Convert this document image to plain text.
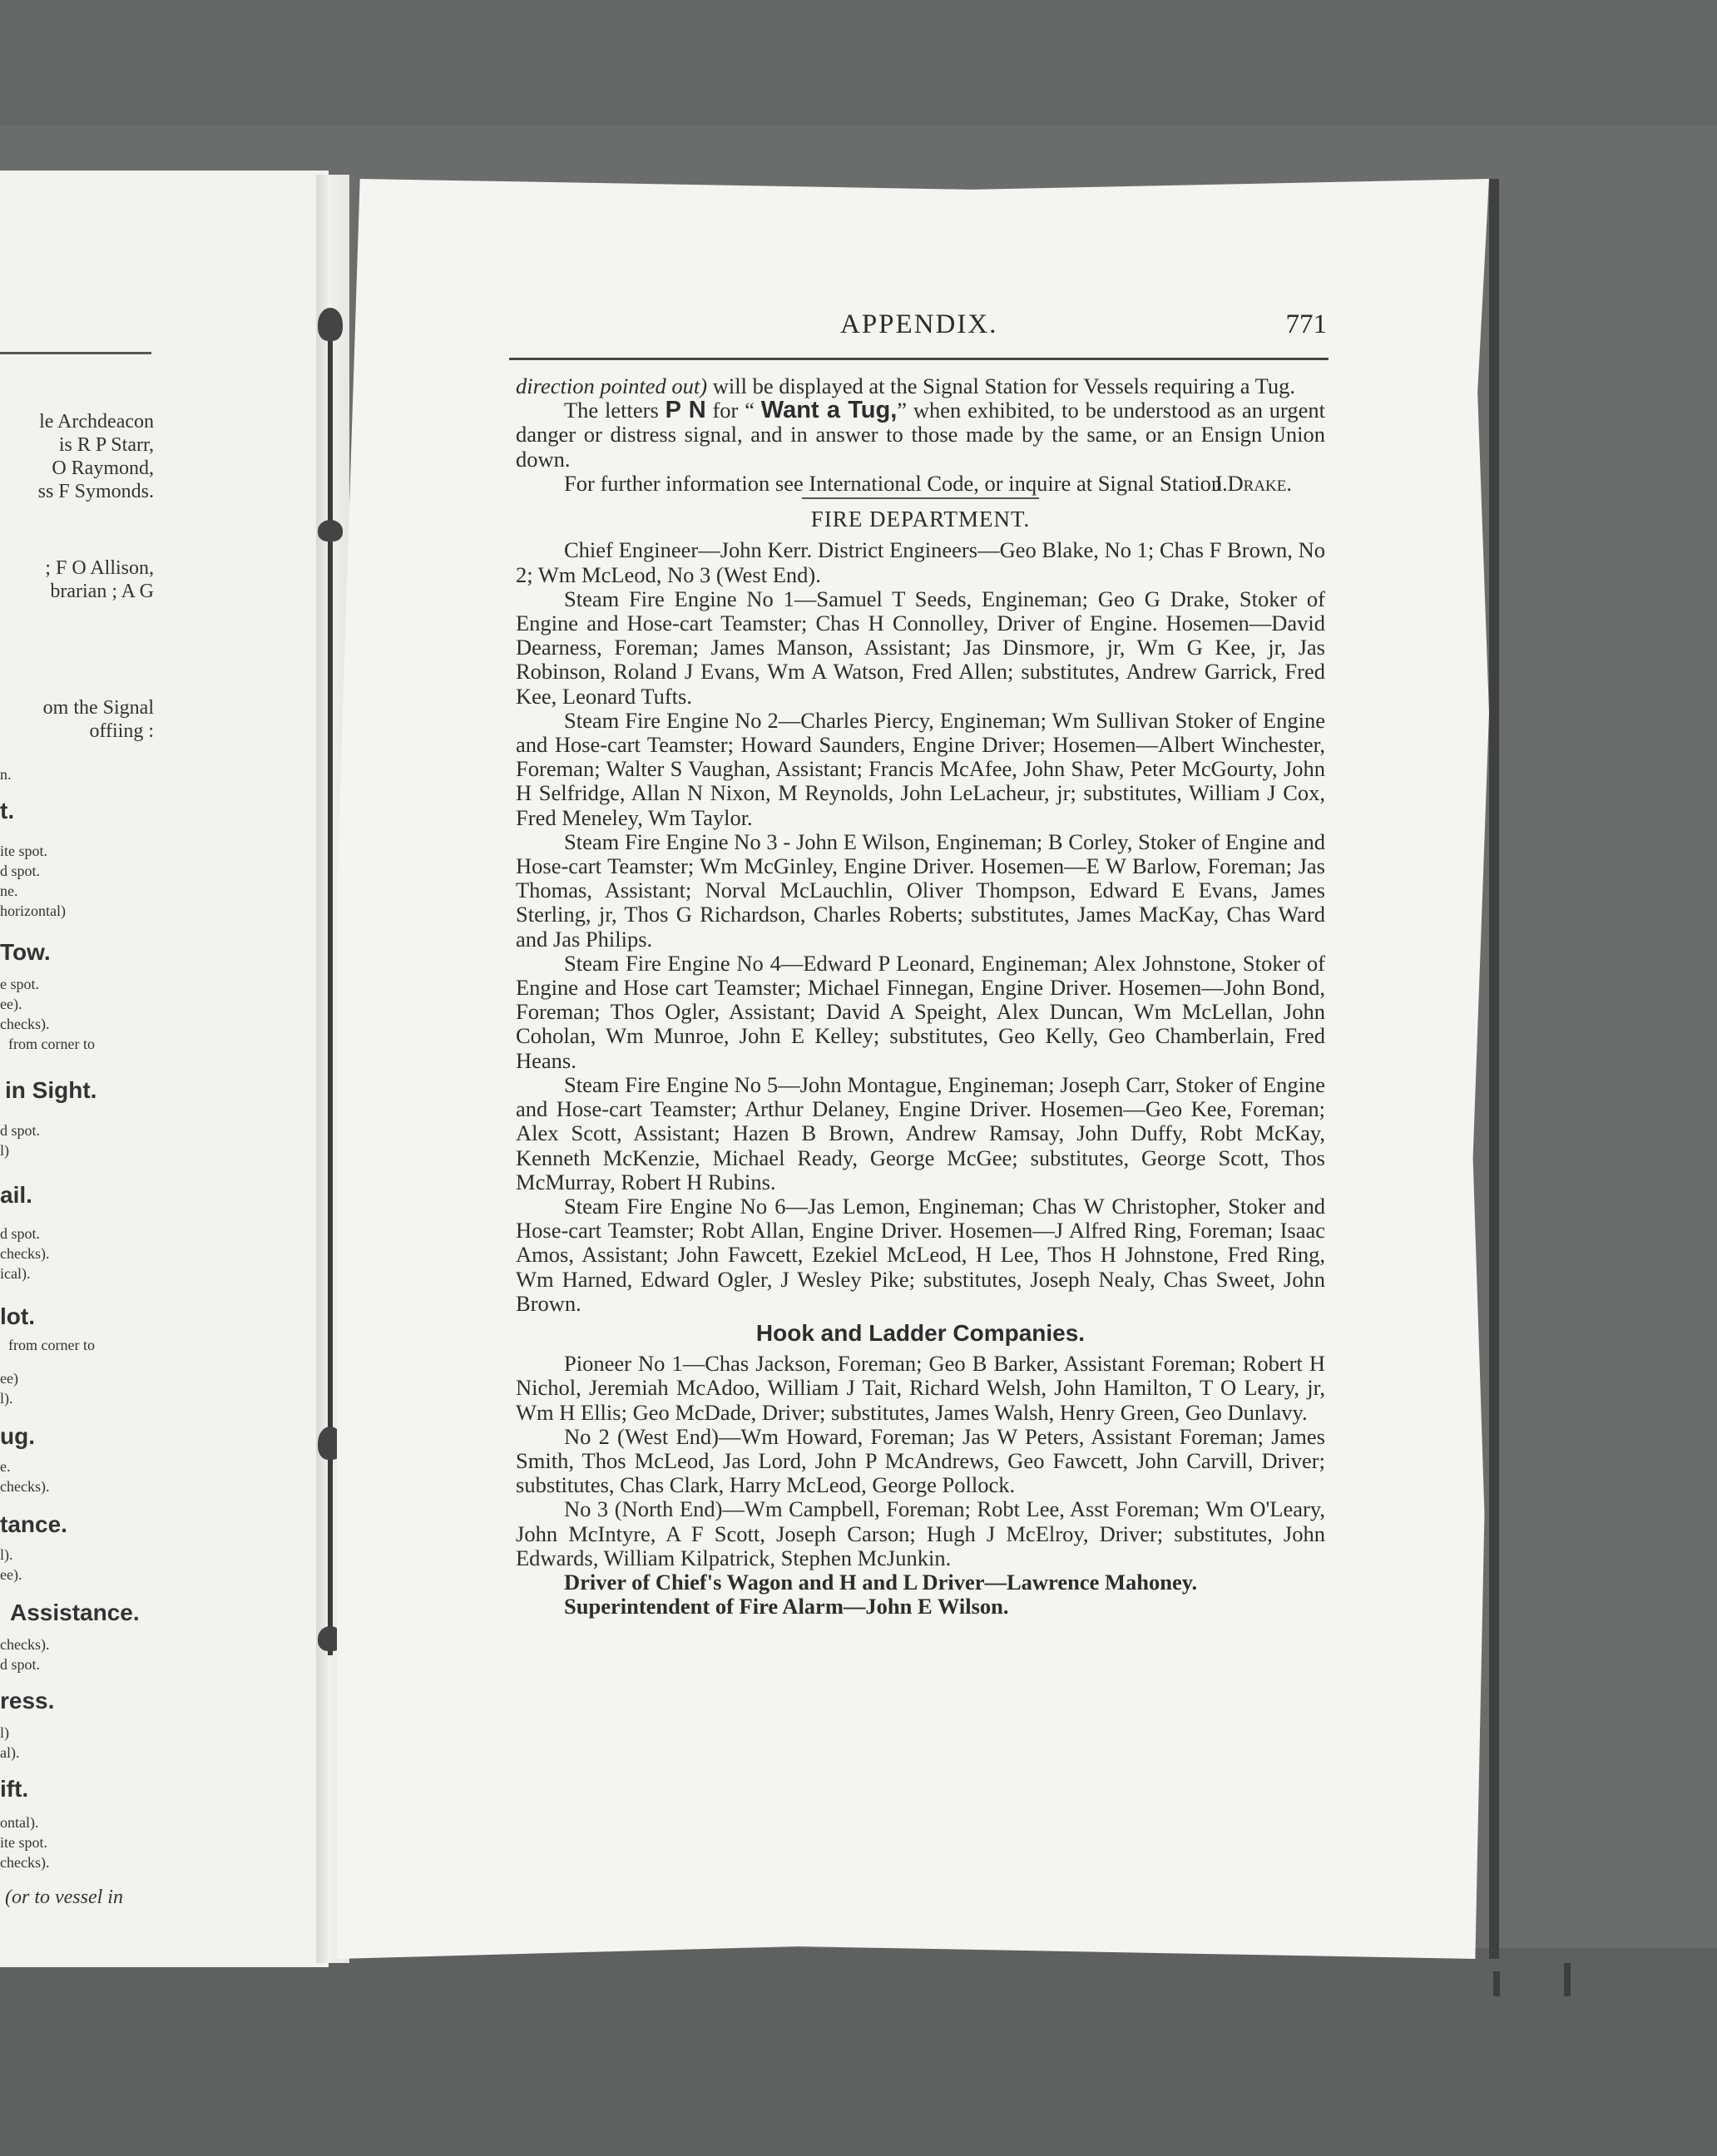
le Archdeacon
is R P Starr,
O Raymond,
ss F Symonds.
; F O Allison,
brarian ; A G
om the Signal
offiing :
n.
t.
ite spot.
d spot.
ne.
horizontal)
Tow.
e spot.
ee).
checks).
from corner to
in Sight.
d spot.
l)
ail.
d spot.
checks).
ical).
lot.
from corner to
ee)
l).
ug.
e.
checks).
tance.
l).
ee).
Assistance.
checks).
d spot.
ress.
l)
al).
ift.
ontal).
ite spot.
checks).
(or to vessel in
APPENDIX.	771

direction pointed out) will be displayed at the Signal Station for Vessels requiring a Tug.

The letters P N for “ Want a Tug,” when exhibited, to be understood as an urgent danger or distress signal, and in answer to those made by the same, or an Ensign Union down.

For further information see International Code, or inquire at Signal Station.

J Drake.
FIRE DEPARTMENT.

Chief Engineer—John Kerr. District Engineers—Geo Blake, No 1; Chas F Brown, No 2; Wm McLeod, No 3 (West End).

Steam Fire Engine No 1—Samuel T Seeds, Engineman; Geo G Drake, Stoker of Engine and Hose-cart Teamster; Chas H Connolley, Driver of Engine. Hosemen—David Dearness, Foreman; James Manson, Assistant; Jas Dinsmore, jr, Wm G Kee, jr, Jas Robinson, Roland J Evans, Wm A Watson, Fred Allen; substitutes, Andrew Garrick, Fred Kee, Leonard Tufts.

Steam Fire Engine No 2—Charles Piercy, Engineman; Wm Sullivan Stoker of Engine and Hose-cart Teamster; Howard Saunders, Engine Driver; Hosemen—Albert Winchester, Foreman; Walter S Vaughan, Assistant; Francis McAfee, John Shaw, Peter McGourty, John H Selfridge, Allan N Nixon, M Reynolds, John LeLacheur, jr; substitutes, William J Cox, Fred Meneley, Wm Taylor.

Steam Fire Engine No 3 - John E Wilson, Engineman; B Corley, Stoker of Engine and Hose-cart Teamster; Wm McGinley, Engine Driver. Hosemen—E W Barlow, Foreman; Jas Thomas, Assistant; Norval McLauchlin, Oliver Thompson, Edward E Evans, James Sterling, jr, Thos G Richardson, Charles Roberts; substitutes, James MacKay, Chas Ward and Jas Philips.

Steam Fire Engine No 4—Edward P Leonard, Engineman; Alex Johnstone, Stoker of Engine and Hose cart Teamster; Michael Finnegan, Engine Driver. Hosemen—John Bond, Foreman; Thos Ogler, Assistant; David A Speight, Alex Duncan, Wm McLellan, John Coholan, Wm Munroe, John E Kelley; substitutes, Geo Kelly, Geo Chamberlain, Fred Heans.

Steam Fire Engine No 5—John Montague, Engineman; Joseph Carr, Stoker of Engine and Hose-cart Teamster; Arthur Delaney, Engine Driver. Hosemen—Geo Kee, Foreman; Alex Scott, Assistant; Hazen B Brown, Andrew Ramsay, John Duffy, Robt McKay, Kenneth McKenzie, Michael Ready, George McGee; substitutes, George Scott, Thos McMurray, Robert H Rubins.

Steam Fire Engine No 6—Jas Lemon, Engineman; Chas W Christopher, Stoker and Hose-cart Teamster; Robt Allan, Engine Driver. Hosemen—J Alfred Ring, Foreman; Isaac Amos, Assistant; John Fawcett, Ezekiel McLeod, H Lee, Thos H Johnstone, Fred Ring, Wm Harned, Edward Ogler, J Wesley Pike; substitutes, Joseph Nealy, Chas Sweet, John Brown.

Hook and Ladder Companies.

Pioneer No 1—Chas Jackson, Foreman; Geo B Barker, Assistant Foreman; Robert H Nichol, Jeremiah McAdoo, William J Tait, Richard Welsh, John Hamilton, T O Leary, jr, Wm H Ellis; Geo McDade, Driver; substitutes, James Walsh, Henry Green, Geo Dunlavy.

No 2 (West End)—Wm Howard, Foreman; Jas W Peters, Assistant Foreman; James Smith, Thos McLeod, Jas Lord, John P McAndrews, Geo Fawcett, John Carvill, Driver; substitutes, Chas Clark, Harry McLeod, George Pollock.

No 3 (North End)—Wm Campbell, Foreman; Robt Lee, Asst Foreman; Wm O'Leary, John McIntyre, A F Scott, Joseph Carson; Hugh J McElroy, Driver; substitutes, John Edwards, William Kilpatrick, Stephen McJunkin.

Driver of Chief's Wagon and H and L Driver—Lawrence Mahoney.

Superintendent of Fire Alarm—John E Wilson.
